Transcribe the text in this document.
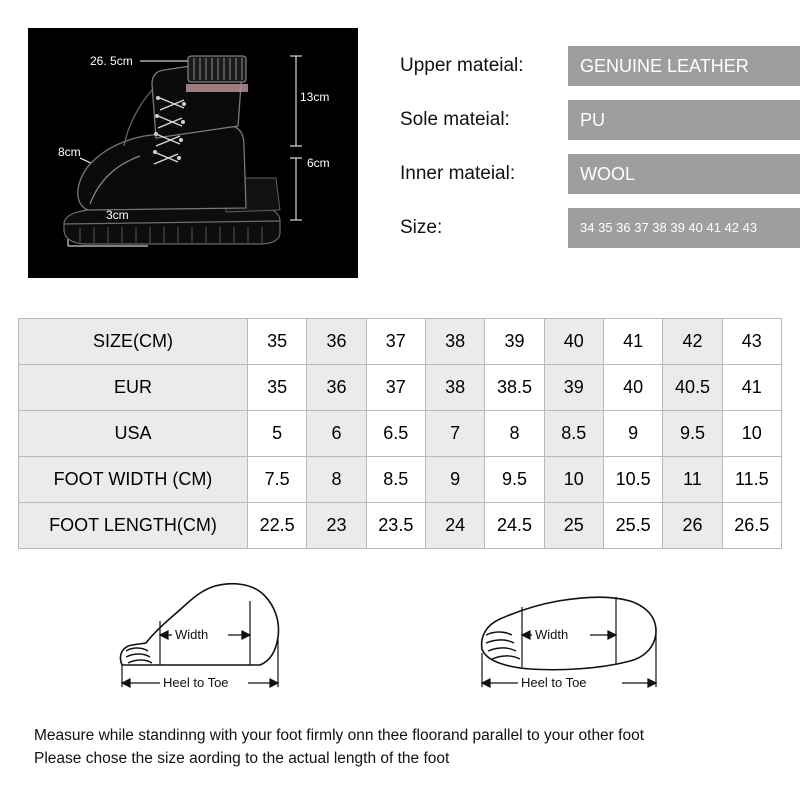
26. 5cm
13cm
8cm
6cm
3cm
Upper mateial:	GENUINE LEATHER
Sole mateial:	PU
Inner mateial:	WOOL
Size:	34 35 36 37 38 39 40 41 42 43
SIZE(CM)	35	36	37	38	39	40	41	42	43
EUR	35	36	37	38	38.5	39	40	40.5	41
USA	5	6	6.5	7	8	8.5	9	9.5	10
FOOT WIDTH (CM)	7.5	8	8.5	9	9.5	10	10.5	11	11.5
FOOT LENGTH(CM)	22.5	23	23.5	24	24.5	25	25.5	26	26.5
Width
Heel to Toe
Width
Heel to Toe
Measure while standinng with your foot firmly onn thee floorand parallel to your other foot
Please chose the size aording to the actual length of the foot
